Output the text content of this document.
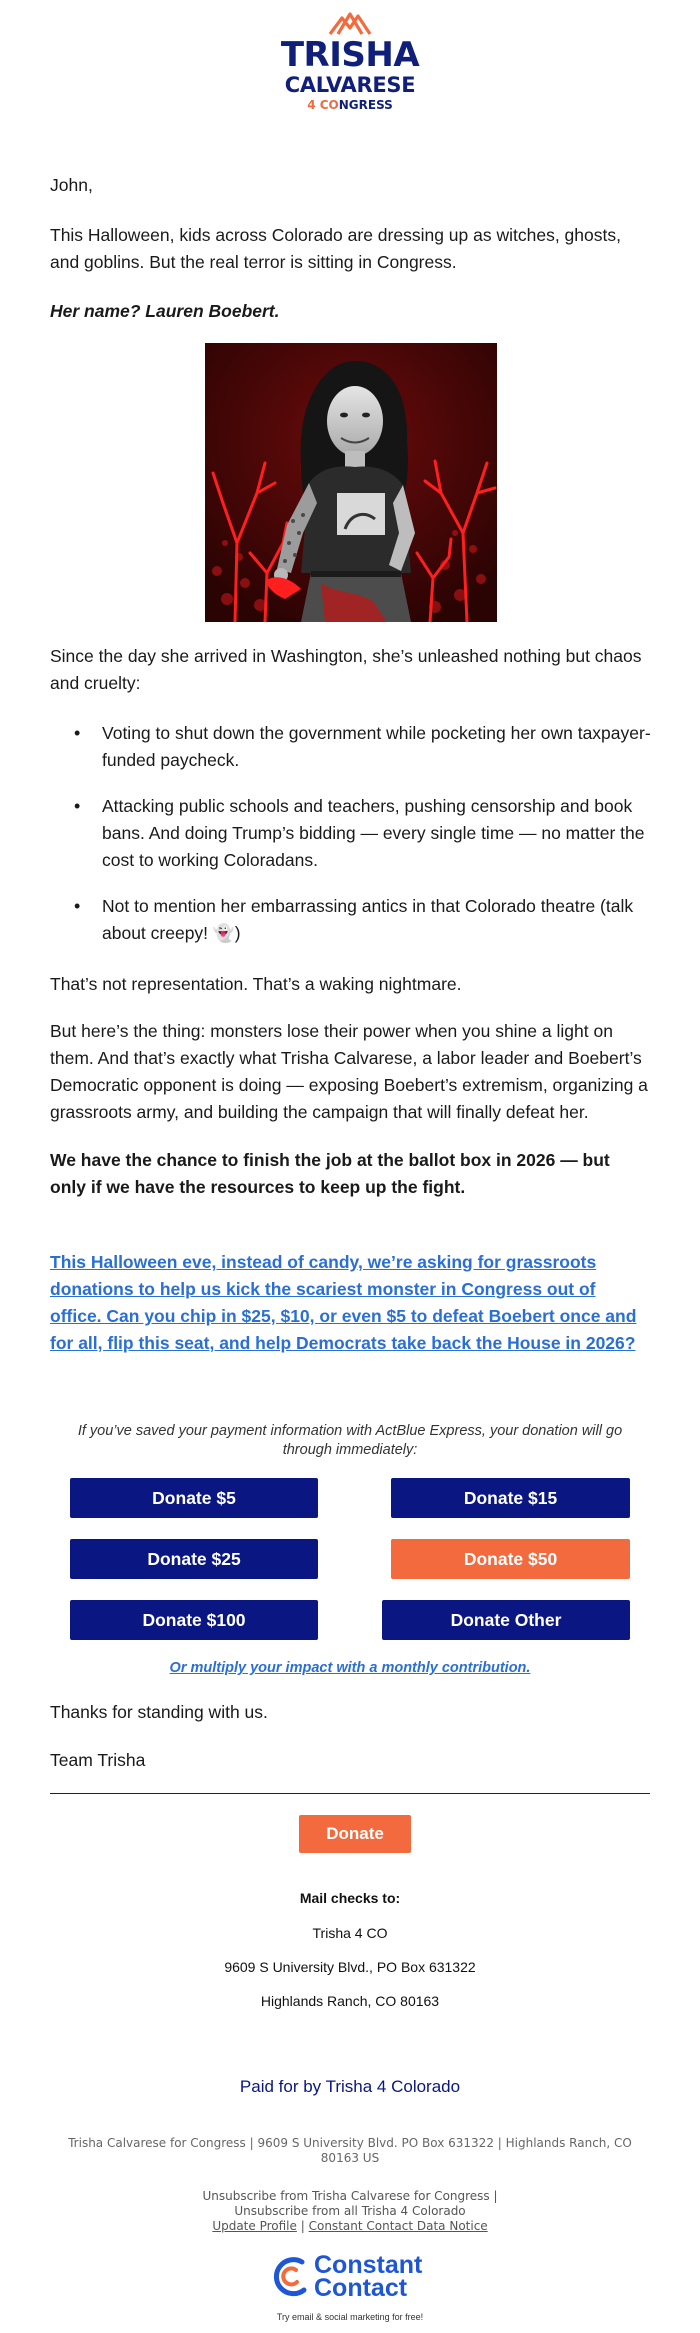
TRISHA
CALVARESE
4 CONGRESS

John,

This Halloween, kids across Colorado are dressing up as witches, ghosts, and goblins. But the real terror is sitting in Congress.

Her name? Lauren Boebert.

Since the day she arrived in Washington, she’s unleashed nothing but chaos and cruelty:

• Voting to shut down the government while pocketing her own taxpayer-funded paycheck.
• Attacking public schools and teachers, pushing censorship and book bans. And doing Trump’s bidding — every single time — no matter the cost to working Coloradans.
• Not to mention her embarrassing antics in that Colorado theatre (talk about creepy! 👻)

That’s not representation. That’s a waking nightmare.

But here’s the thing: monsters lose their power when you shine a light on them. And that’s exactly what Trisha Calvarese, a labor leader and Boebert’s Democratic opponent is doing — exposing Boebert’s extremism, organizing a grassroots army, and building the campaign that will finally defeat her.

We have the chance to finish the job at the ballot box in 2026 — but only if we have the resources to keep up the fight.

This Halloween eve, instead of candy, we’re asking for grassroots donations to help us kick the scariest monster in Congress out of office. Can you chip in $25, $10, or even $5 to defeat Boebert once and for all, flip this seat, and help Democrats take back the House in 2026?

If you’ve saved your payment information with ActBlue Express, your donation will go through immediately:
Donate $5	Donate $15
Donate $25	Donate $50
Donate $100	Donate Other
Or multiply your impact with a monthly contribution.

Thanks for standing with us.

Team Trisha

Donate
Mail checks to:
Trisha 4 CO
9609 S University Blvd., PO Box 631322
Highlands Ranch, CO 80163
Paid for by Trisha 4 Colorado
Trisha Calvarese for Congress | 9609 S University Blvd. PO Box 631322 | Highlands Ranch, CO 80163 US
Unsubscribe from Trisha Calvarese for Congress |
Unsubscribe from all Trisha 4 Colorado
Update Profile | Constant Contact Data Notice
Constant
Contact
Try email & social marketing for free!
